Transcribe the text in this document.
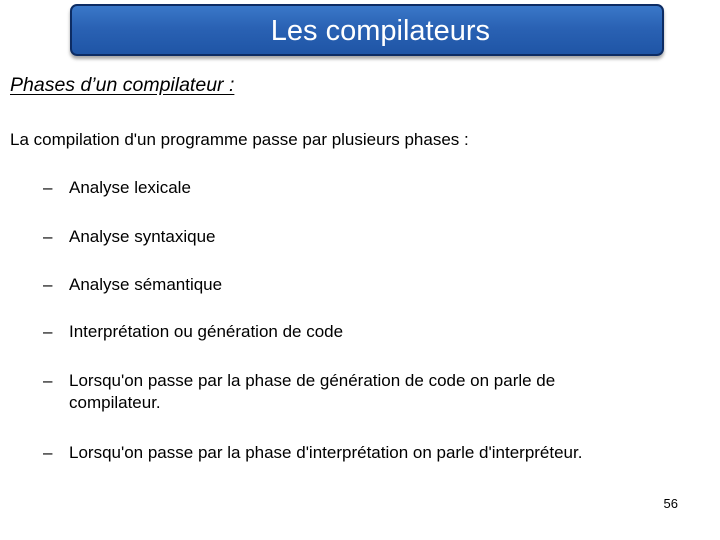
Les compilateurs
Phases d’un compilateur :
La compilation d'un programme passe par plusieurs phases :
– Analyse lexicale
– Analyse syntaxique
– Analyse sémantique
– Interprétation ou génération de code
– Lorsqu'on passe par la phase de génération de code on parle de compilateur.
– Lorsqu'on passe par la phase d'interprétation on parle d'interpréteur.
56
